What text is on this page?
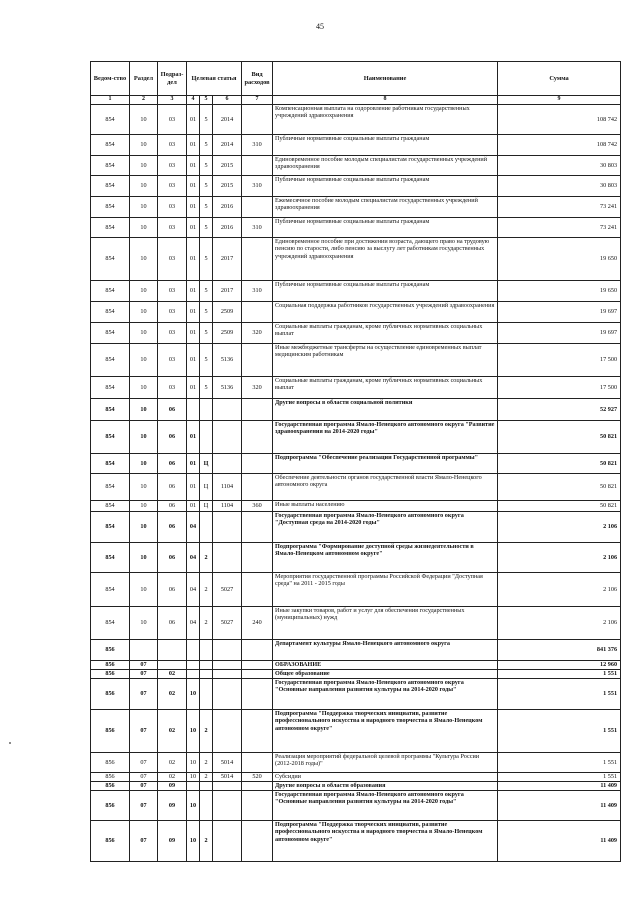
45
Ведом-ство	Раздел	Подраз-дел	Целевая статья			Вид расходов	Наименование	Сумма
1	2	3	4	5	6	7	8	9
854	10	03	01	5	2014		Компенсационная выплата на оздоровление работникам государственных учреждений здравоохранения	108 742
854	10	03	01	5	2014	310	Публичные нормативные социальные выплаты гражданам	108 742
854	10	03	01	5	2015		Единовременное пособие молодым специалистам государственных учреждений здравоохранения	30 803
854	10	03	01	5	2015	310	Публичные нормативные социальные выплаты гражданам	30 803
854	10	03	01	5	2016		Ежемесячное пособие молодым специалистам государственных учреждений здравоохранения	73 241
854	10	03	01	5	2016	310	Публичные нормативные социальные выплаты гражданам	73 241
854	10	03	01	5	2017		Единовременное пособие при достижении возраста, дающего право на трудовую пенсию по старости, либо пенсию за выслугу лет работникам государственных учреждений здравоохранения	19 650
854	10	03	01	5	2017	310	Публичные нормативные социальные выплаты гражданам	19 650
854	10	03	01	5	2509		Социальная поддержка работников государственных учреждений здравоохранения	19 697
854	10	03	01	5	2509	320	Социальные выплаты гражданам, кроме публичных нормативных социальных выплат	19 697
854	10	03	01	5	5136		Иные межбюджетные трансферты на осуществление единовременных выплат медицинским работникам	17 500
854	10	03	01	5	5136	320	Социальные выплаты гражданам, кроме публичных нормативных социальных выплат	17 500
854	10	06					Другие вопросы в области социальной политики	52 927
854	10	06	01				Государственная программа Ямало-Ненецкого автономного округа "Развитие здравоохранения на 2014-2020 годы"	50 821
854	10	06	01	Ц			Подпрограмма "Обеспечение реализации Государственной программы"	50 821
854	10	06	01	Ц	1104		Обеспечение деятельности органов государственной власти Ямало-Ненецкого автономного округа	50 821
854	10	06	01	Ц	1104	360	Иные выплаты населению	50 821
854	10	06	04				Государственная программа Ямало-Ненецкого автономного округа "Доступная среда на 2014-2020 годы"	2 106
854	10	06	04	2			Подпрограмма "Формирование доступной среды жизнедеятельности в Ямало-Ненецком автономном округе"	2 106
854	10	06	04	2	5027		Мероприятия государственной программы Российской Федерации "Доступная среда" на 2011 - 2015 годы	2 106
854	10	06	04	2	5027	240	Иные закупки товаров, работ и услуг для обеспечения государственных (муниципальных) нужд	2 106
856							Департамент культуры Ямало-Ненецкого автономного округа	841 376
856	07						ОБРАЗОВАНИЕ	12 960
856	07	02					Общее образование	1 551
856	07	02	10				Государственная программа Ямало-Ненецкого автономного округа "Основные направления развития культуры на 2014-2020 годы"	1 551
856	07	02	10	2			Подпрограмма "Поддержка творческих инициатив, развитие профессионального искусства и народного творчества в Ямало-Ненецком автономном округе"	1 551
856	07	02	10	2	5014		Реализация мероприятий федеральной целевой программы "Культура России (2012-2018 годы)"	1 551
856	07	02	10	2	5014	520	Субсидии	1 551
856	07	09					Другие вопросы в области образования	11 409
856	07	09	10				Государственная программа Ямало-Ненецкого автономного округа "Основные направления развития культуры на 2014-2020 годы"	11 409
856	07	09	10	2			Подпрограмма "Поддержка творческих инициатив, развитие профессионального искусства и народного творчества в Ямало-Ненецком автономном округе"	11 409
